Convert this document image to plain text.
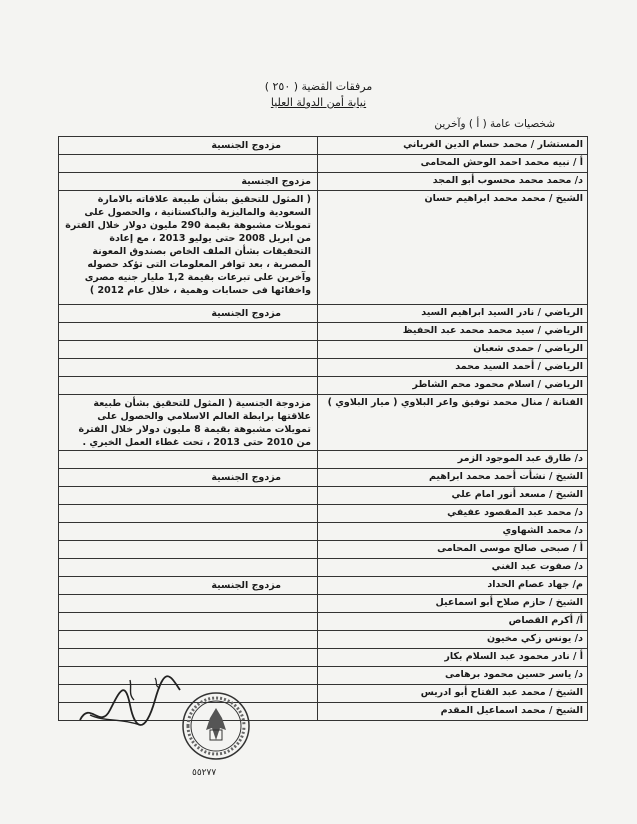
مرفقات القضية ( ٢٥٠ )
نيابة أمن الدولة العليا
شخصيات عامة ( أ ) وآخرين
المستشار / محمد حسام الدين الغرياني
مزدوج الجنسية
أ / نبيه محمد احمد الوحش المحامى
د/ محمد محمد محسوب أبو المجد
مزدوج الجنسية
الشيخ / محمد محمد ابراهيم حسان
( المثول للتحقيق بشأن طبيعة علاقاته بالامارة السعودية والماليزية والباكستانية ، والحصول على تمويلات مشبوهة بقيمة 290 مليون دولار خلال الفترة من ابريل 2008 حتى يوليو 2013 ، مع إعادة التحقيقات بشأن الملف الخاص بصندوق المعونة المصرية ، بعد توافر المعلومات التى تؤكد حصوله وآخرين على تبرعات بقيمة 1,2 مليار جنيه مصرى واخفائها فى حسابات وهمية ، خلال عام 2012 )
الرياضي / نادر السيد ابراهيم السيد
مزدوج الجنسية
الرياضي / سيد محمد محمد عبد الحفيظ
الرياضي / حمدى شعبان
الرياضي / أحمد السيد محمد
الرياضي / اسلام محمود محم الشاطر
الفنانة / منال محمد توفيق واعر البلاوي ( ميار البلاوي )
مزدوجة الجنسية ( المثول للتحقيق بشأن طبيعة علاقتها برابطة العالم الاسلامي والحصول على تمويلات مشبوهة بقيمة 8 مليون دولار خلال الفترة من 2010 حتى 2013 ، تحت غطاء العمل الخيري .
د/ طارق عبد الموجود الزمر
الشيخ / نشأت أحمد محمد ابراهيم
مزدوج الجنسية
الشيخ / مسعد أنور امام علي
د/ محمد عبد المقصود عفيفي
د/ محمد الشهاوي
أ / صبحى صالح موسى المحامى
د/ صفوت عبد الغني
م/ جهاد عصام الحداد
مزدوج الجنسية
الشيخ / حازم صلاح أبو اسماعيل
أ/ أكرم القصاص
د/ يونس زكي مخيون
أ / نادر محمود عبد السلام بكار
د/ ياسر حسين محمود برهامى
الشيخ / محمد عبد الفتاح أبو ادريس
الشيخ / محمد اسماعيل المقدم
٥٥٢٧٧
